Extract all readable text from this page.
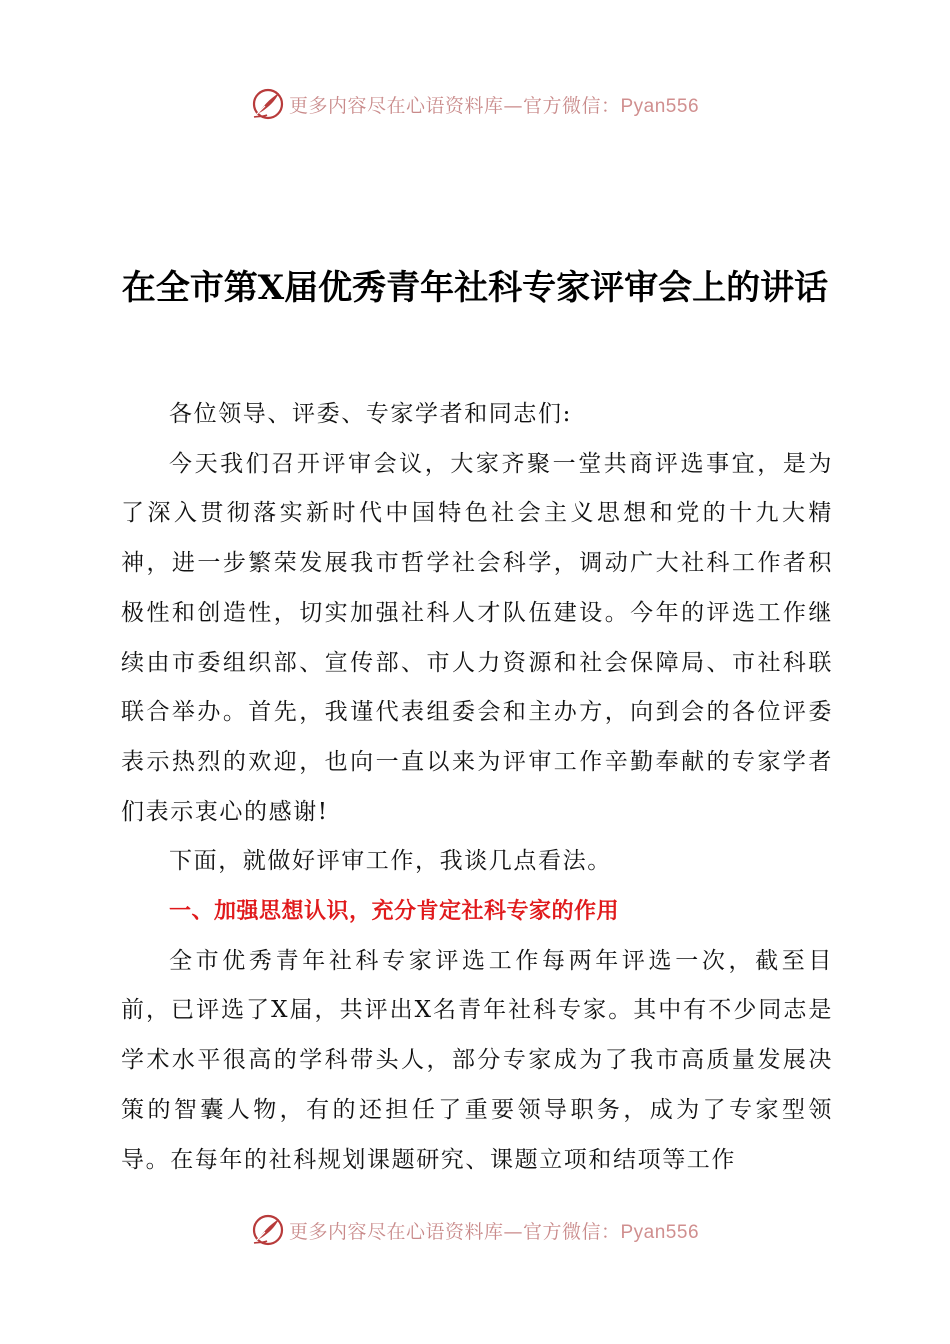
更多内容尽在心语资料库—官方微信：Pyan556
在全市第X届优秀青年社科专家评审会上的讲话

各位领导、评委、专家学者和同志们:

今天我们召开评审会议，大家齐聚一堂共商评选事宜，是为了深入贯彻落实新时代中国特色社会主义思想和党的十九大精神，进一步繁荣发展我市哲学社会科学，调动广大社科工作者积极性和创造性，切实加强社科人才队伍建设。今年的评选工作继续由市委组织部、宣传部、市人力资源和社会保障局、市社科联联合举办。首先，我谨代表组委会和主办方，向到会的各位评委表示热烈的欢迎，也向一直以来为评审工作辛勤奉献的专家学者们表示衷心的感谢!

下面，就做好评审工作，我谈几点看法。

一、加强思想认识，充分肯定社科专家的作用

全市优秀青年社科专家评选工作每两年评选一次，截至目前，已评选了X届，共评出X名青年社科专家。其中有不少同志是学术水平很高的学科带头人，部分专家成为了我市高质量发展决策的智囊人物，有的还担任了重要领导职务，成为了专家型领导。在每年的社科规划课题研究、课题立项和结项等工作

更多内容尽在心语资料库—官方微信：Pyan556
